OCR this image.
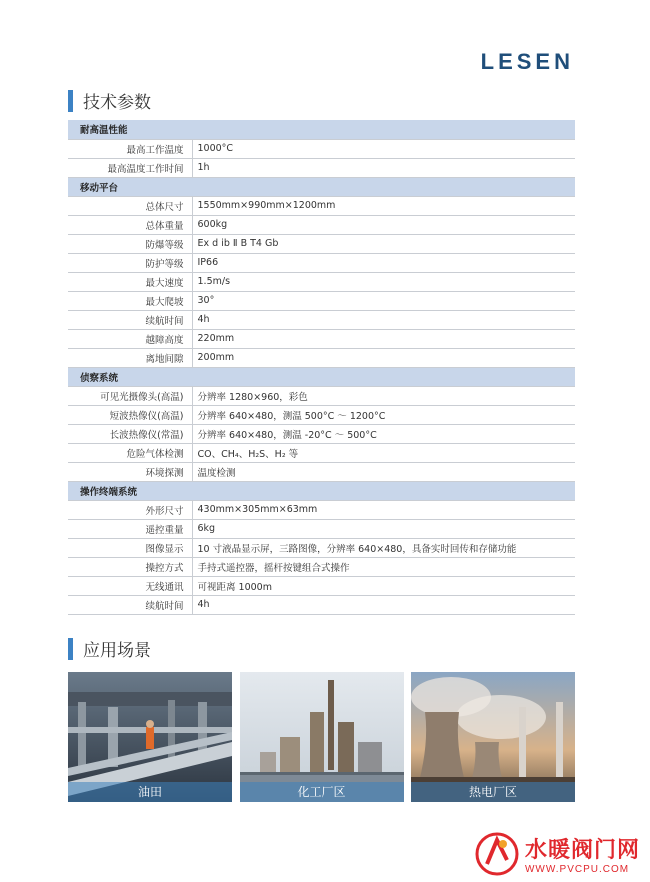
LESEN
技术参数
耐高温性能	
最高工作温度	1000°C
最高温度工作时间	1h
移动平台	
总体尺寸	1550mm×990mm×1200mm
总体重量	600kg
防爆等级	Ex d ib Ⅱ B T4 Gb
防护等级	IP66
最大速度	1.5m/s
最大爬坡	30°
续航时间	4h
越障高度	220mm
离地间隙	200mm
侦察系统	
可见光摄像头(高温)	分辨率 1280×960，彩色
短波热像仪(高温)	分辨率 640×480，测温 500°C ～ 1200°C
长波热像仪(常温)	分辨率 640×480，测温 -20°C ～ 500°C
危险气体检测	CO、CH₄、H₂S、H₂ 等
环境探测	温度检测
操作终端系统	
外形尺寸	430mm×305mm×63mm
遥控重量	6kg
图像显示	10 寸液晶显示屏，三路图像，分辨率 640×480，具备实时回传和存储功能
操控方式	手持式遥控器，摇杆按键组合式操作
无线通讯	可视距离 1000m
续航时间	4h
应用场景
油田	化工厂区	热电厂区
水暖阀门网
WWW.PVCPU.COM
